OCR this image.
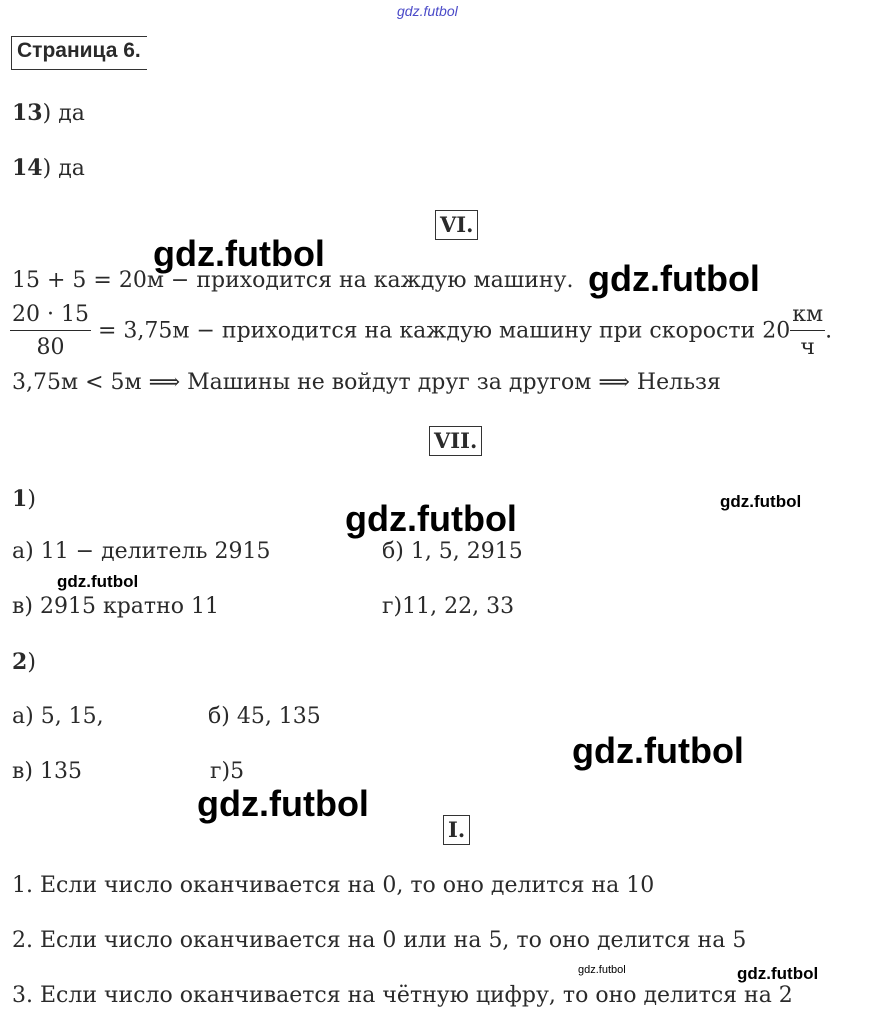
gdz.futbol
gdz.futbol
gdz.futbol
gdz.futbol
gdz.futbol
gdz.futbol
gdz.futbol
gdz.futbol
gdz.futbol	gdz.futbol
Страница 6.
13) да
14) да
VI.
15 + 5 = 20м − приходится на каждую машину.
$\frac{20 \cdot 15}{80} = 3,75м$ − приходится на каждую машину при скорости $20 \frac{км}{ч}$ .
3,75м < 5м ⟹ Машины не войдут друг за другом ⟹ Нельзя
VII.
1)
а) 11 − делитель 2915	б) 1, 5, 2915
в) 2915 кратно 11	г)11, 22, 33
2)
а) 5, 15,	б) 45, 135
в) 135	г)5
I.
1. Если число оканчивается на 0, то оно делится на 10
2. Если число оканчивается на 0 или на 5, то оно делится на 5
3. Если число оканчивается на чётную цифру, то оно делится на 2
